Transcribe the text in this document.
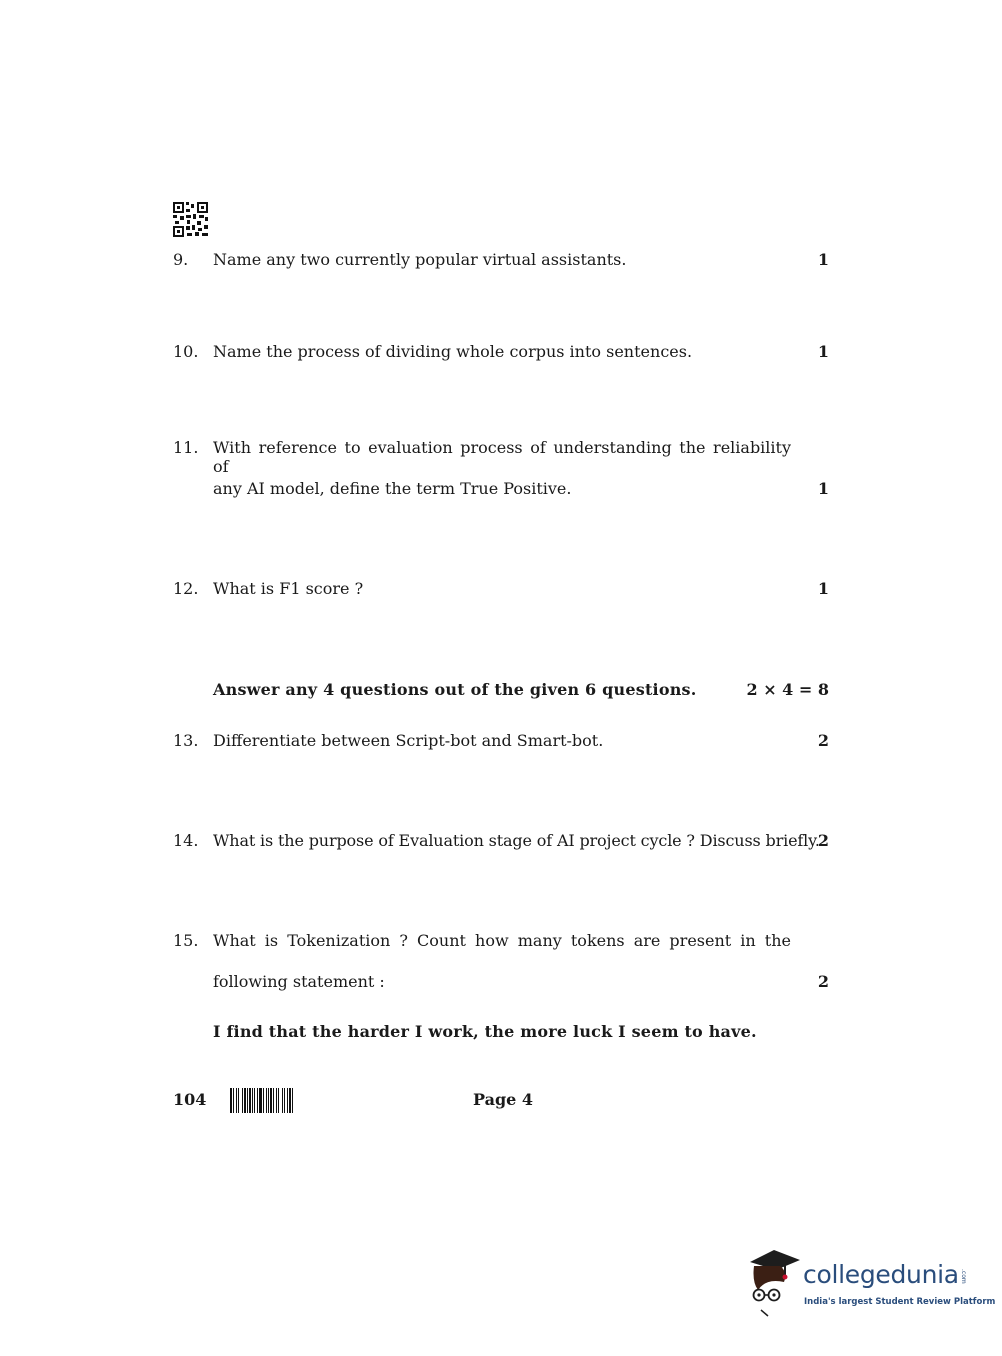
9. Name any two currently popular virtual assistants.	1
10. Name the process of dividing whole corpus into sentences.	1
11. With reference to evaluation process of understanding the reliability of
any AI model, define the term True Positive.	1
12. What is F1 score ?	1
Answer any 4 questions out of the given 6 questions.	2 × 4 = 8
13. Differentiate between Script-bot and Smart-bot.	2
14. What is the purpose of Evaluation stage of AI project cycle ? Discuss briefly.
2
15. What is Tokenization ? Count how many tokens are present in the
following statement :	2
I find that the harder I work, the more luck I seem to have.
104	Page 4
collegedunia .com
India's largest Student Review Platform
